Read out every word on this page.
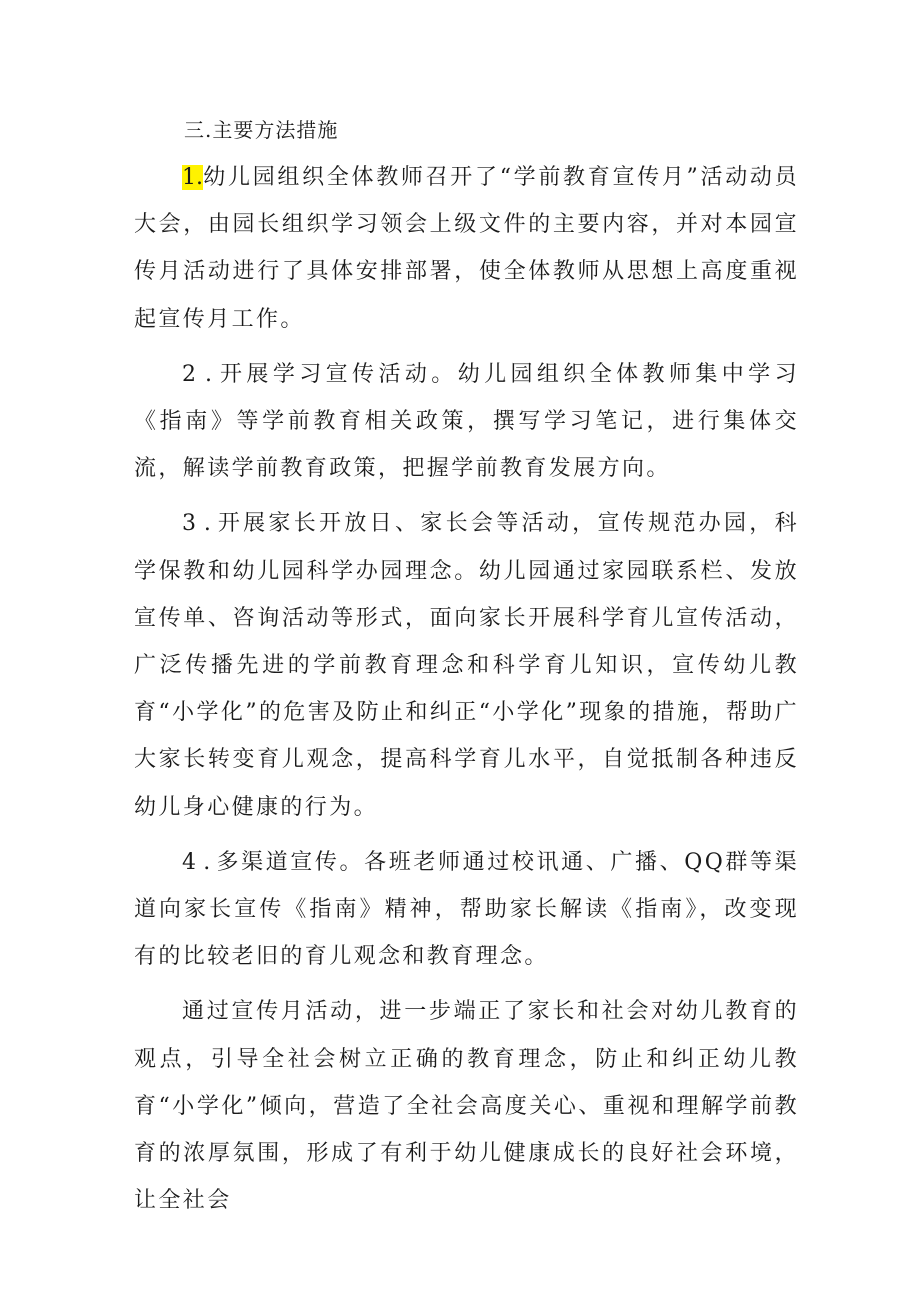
三.主要方法措施

1.幼儿园组织全体教师召开了“学前教育宣传月”活动动员大会，由园长组织学习领会上级文件的主要内容，并对本园宣传月活动进行了具体安排部署，使全体教师从思想上高度重视起宣传月工作。

2 . 开展学习宣传活动。幼儿园组织全体教师集中学习《指南》等学前教育相关政策，撰写学习笔记，进行集体交流，解读学前教育政策，把握学前教育发展方向。

3 . 开展家长开放日、家长会等活动，宣传规范办园，科学保教和幼儿园科学办园理念。幼儿园通过家园联系栏、发放宣传单、咨询活动等形式，面向家长开展科学育儿宣传活动，广泛传播先进的学前教育理念和科学育儿知识，宣传幼儿教育“小学化”的危害及防止和纠正“小学化”现象的措施，帮助广大家长转变育儿观念，提高科学育儿水平，自觉抵制各种违反幼儿身心健康的行为。

4 . 多渠道宣传。各班老师通过校讯通、广播、QQ群等渠道向家长宣传《指南》精神，帮助家长解读《指南》，改变现有的比较老旧的育儿观念和教育理念。

通过宣传月活动，进一步端正了家长和社会对幼儿教育的观点，引导全社会树立正确的教育理念，防止和纠正幼儿教育“小学化”倾向，营造了全社会高度关心、重视和理解学前教育的浓厚氛围，形成了有利于幼儿健康成长的良好社会环境，让全社会
